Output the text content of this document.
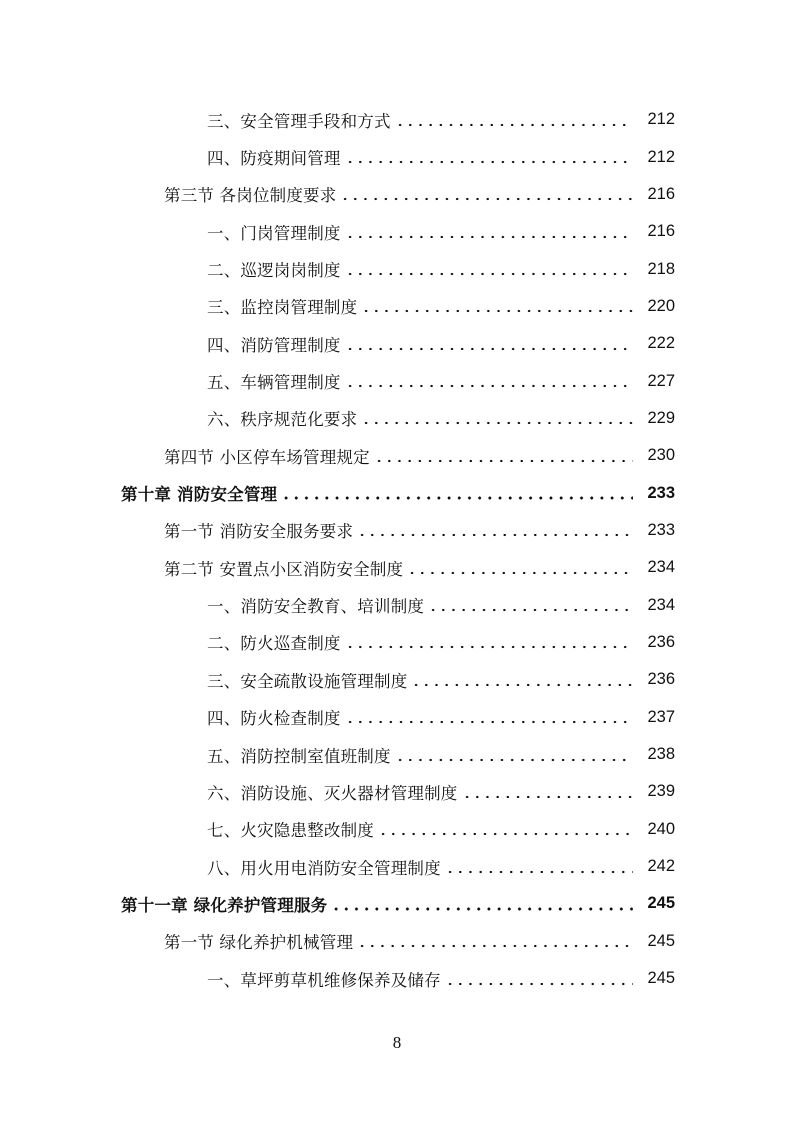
三、安全管理手段和方式	212
四、防疫期间管理	212
第三节 各岗位制度要求	216
一、门岗管理制度	216
二、巡逻岗岗制度	218
三、监控岗管理制度	220
四、消防管理制度	222
五、车辆管理制度	227
六、秩序规范化要求	229
第四节 小区停车场管理规定	230
第十章 消防安全管理	233
第一节 消防安全服务要求	233
第二节 安置点小区消防安全制度	234
一、消防安全教育、培训制度	234
二、防火巡查制度	236
三、安全疏散设施管理制度	236
四、防火检查制度	237
五、消防控制室值班制度	238
六、消防设施、灭火器材管理制度	239
七、火灾隐患整改制度	240
八、用火用电消防安全管理制度	242
第十一章 绿化养护管理服务	245
第一节 绿化养护机械管理	245
一、草坪剪草机维修保养及储存	245
8
